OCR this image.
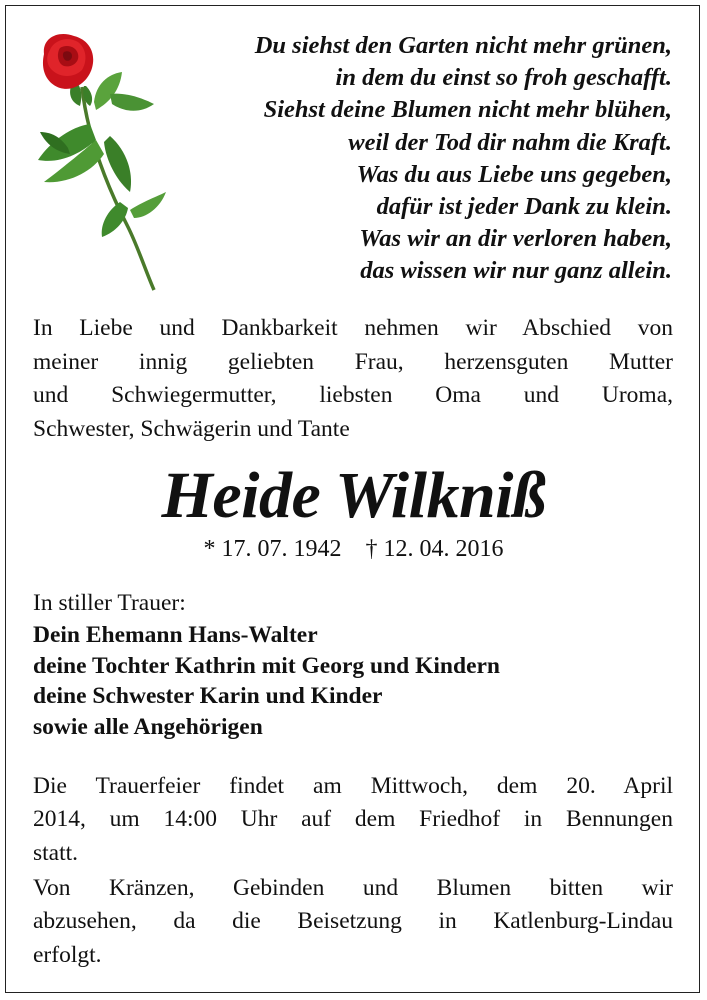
Du siehst den Garten nicht mehr grünen,
in dem du einst so froh geschafft.
Siehst deine Blumen nicht mehr blühen,
weil der Tod dir nahm die Kraft.
Was du aus Liebe uns gegeben,
dafür ist jeder Dank zu klein.
Was wir an dir verloren haben,
das wissen wir nur ganz allein.
In Liebe und Dankbarkeit nehmen wir Abschied von
meiner innig geliebten Frau, herzensguten Mutter
und Schwiegermutter, liebsten Oma und Uroma,
Schwester, Schwägerin und Tante
Heide Wilkniß
* 17. 07. 1942 † 12. 04. 2016
In stiller Trauer:
Dein Ehemann Hans-Walter
deine Tochter Kathrin mit Georg und Kindern
deine Schwester Karin und Kinder
sowie alle Angehörigen
Die Trauerfeier findet am Mittwoch, dem 20. April
2014, um 14:00 Uhr auf dem Friedhof in Bennungen
statt.
Von Kränzen, Gebinden und Blumen bitten wir
abzusehen, da die Beisetzung in Katlenburg-Lindau
erfolgt.
